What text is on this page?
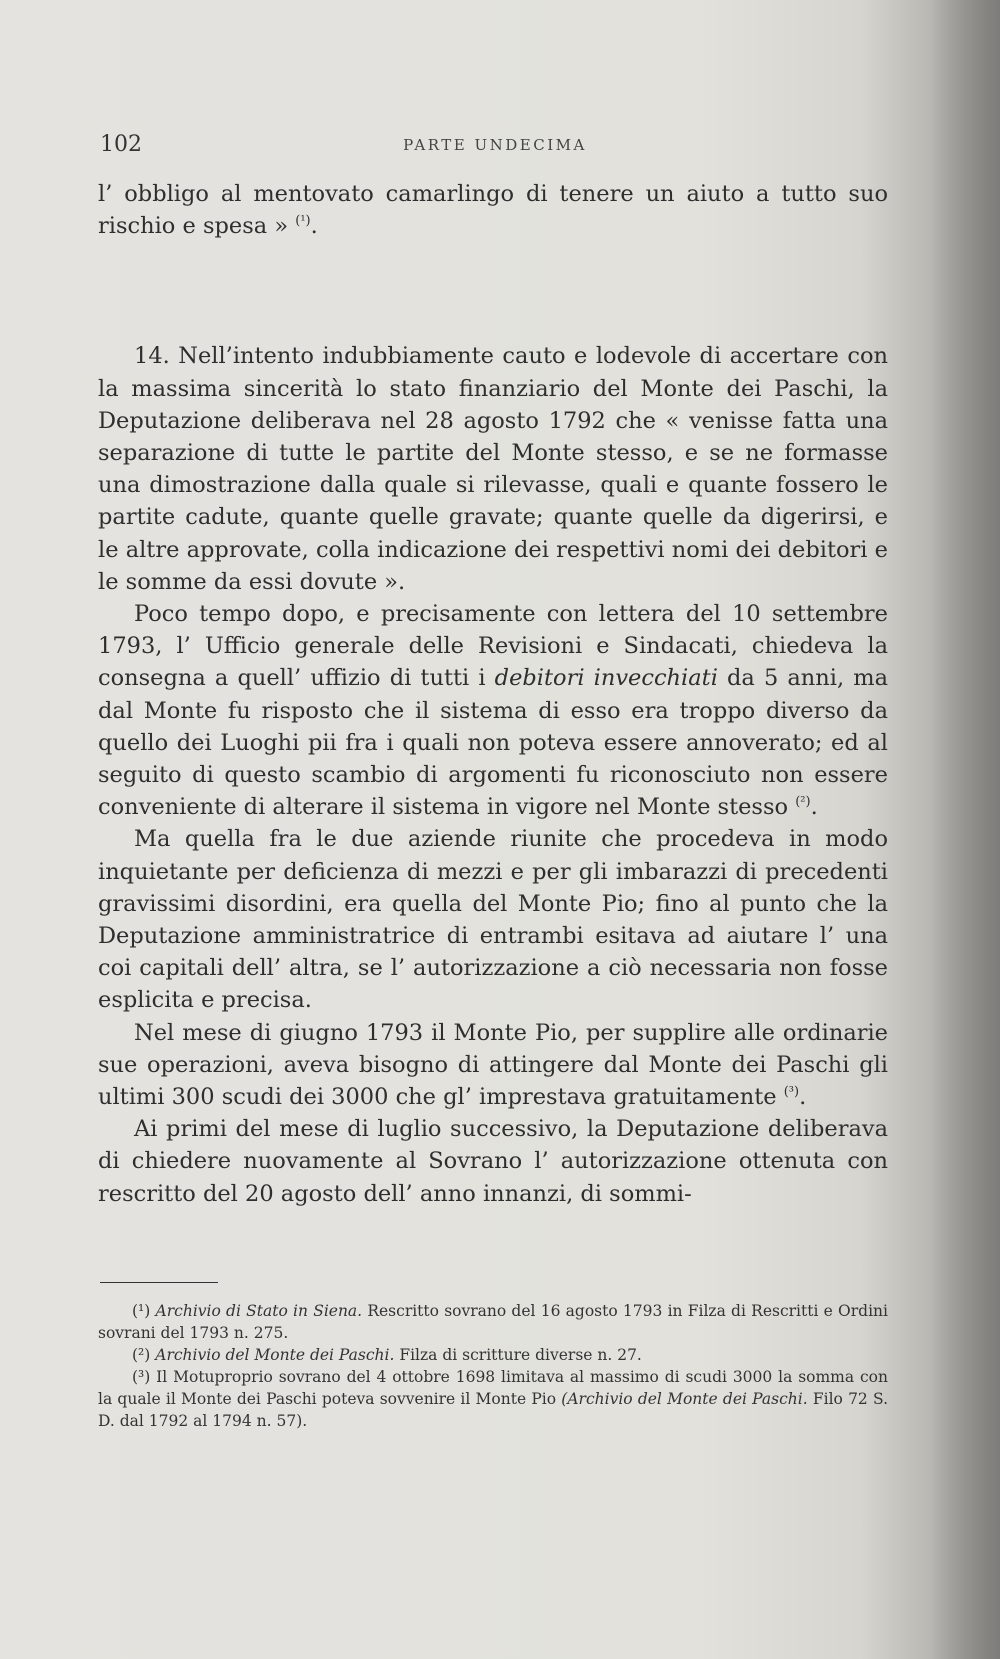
102	PARTE UNDECIMA

l’ obbligo al mentovato camarlingo di tenere un aiuto a tutto suo rischio e spesa » $^{(^1)}$.

14. Nell’intento indubbiamente cauto e lodevole di accertare con la massima sincerità lo stato finanziario del Monte dei Paschi, la Deputazione deliberava nel 28 agosto 1792 che « venisse fatta una separazione di tutte le partite del Monte stesso, e se ne formasse una dimostrazione dalla quale si rilevasse, quali e quante fossero le partite cadute, quante quelle gravate; quante quelle da digerirsi, e le altre approvate, colla indicazione dei respettivi nomi dei debitori e le somme da essi dovute ».

Poco tempo dopo, e precisamente con lettera del 10 settembre 1793, l’ Ufficio generale delle Revisioni e Sindacati, chiedeva la consegna a quell’ uffizio di tutti i debitori invecchiati da 5 anni, ma dal Monte fu risposto che il sistema di esso era troppo diverso da quello dei Luoghi pii fra i quali non poteva essere annoverato; ed al seguito di questo scambio di argomenti fu riconosciuto non essere conveniente di alterare il sistema in vigore nel Monte stesso $^{(^2)}$.

Ma quella fra le due aziende riunite che procedeva in modo inquietante per deficienza di mezzi e per gli imbarazzi di precedenti gravissimi disordini, era quella del Monte Pio; fino al punto che la Deputazione amministratrice di entrambi esitava ad aiutare l’ una coi capitali dell’ altra, se l’ autorizzazione a ciò necessaria non fosse esplicita e precisa.

Nel mese di giugno 1793 il Monte Pio, per supplire alle ordinarie sue operazioni, aveva bisogno di attingere dal Monte dei Paschi gli ultimi 300 scudi dei 3000 che gl’ imprestava gratuitamente $^{(^3)}$.

Ai primi del mese di luglio successivo, la Deputazione deliberava di chiedere nuovamente al Sovrano l’ autorizzazione ottenuta con rescritto del 20 agosto dell’ anno innanzi, di sommi-

(¹) Archivio di Stato in Siena. Rescritto sovrano del 16 agosto 1793 in Filza di Rescritti e Ordini sovrani del 1793 n. 275.

(²) Archivio del Monte dei Paschi. Filza di scritture diverse n. 27.

(³) Il Motuproprio sovrano del 4 ottobre 1698 limitava al massimo di scudi 3000 la somma con la quale il Monte dei Paschi poteva sovvenire il Monte Pio (Archivio del Monte dei Paschi. Filo 72 S. D. dal 1792 al 1794 n. 57).
